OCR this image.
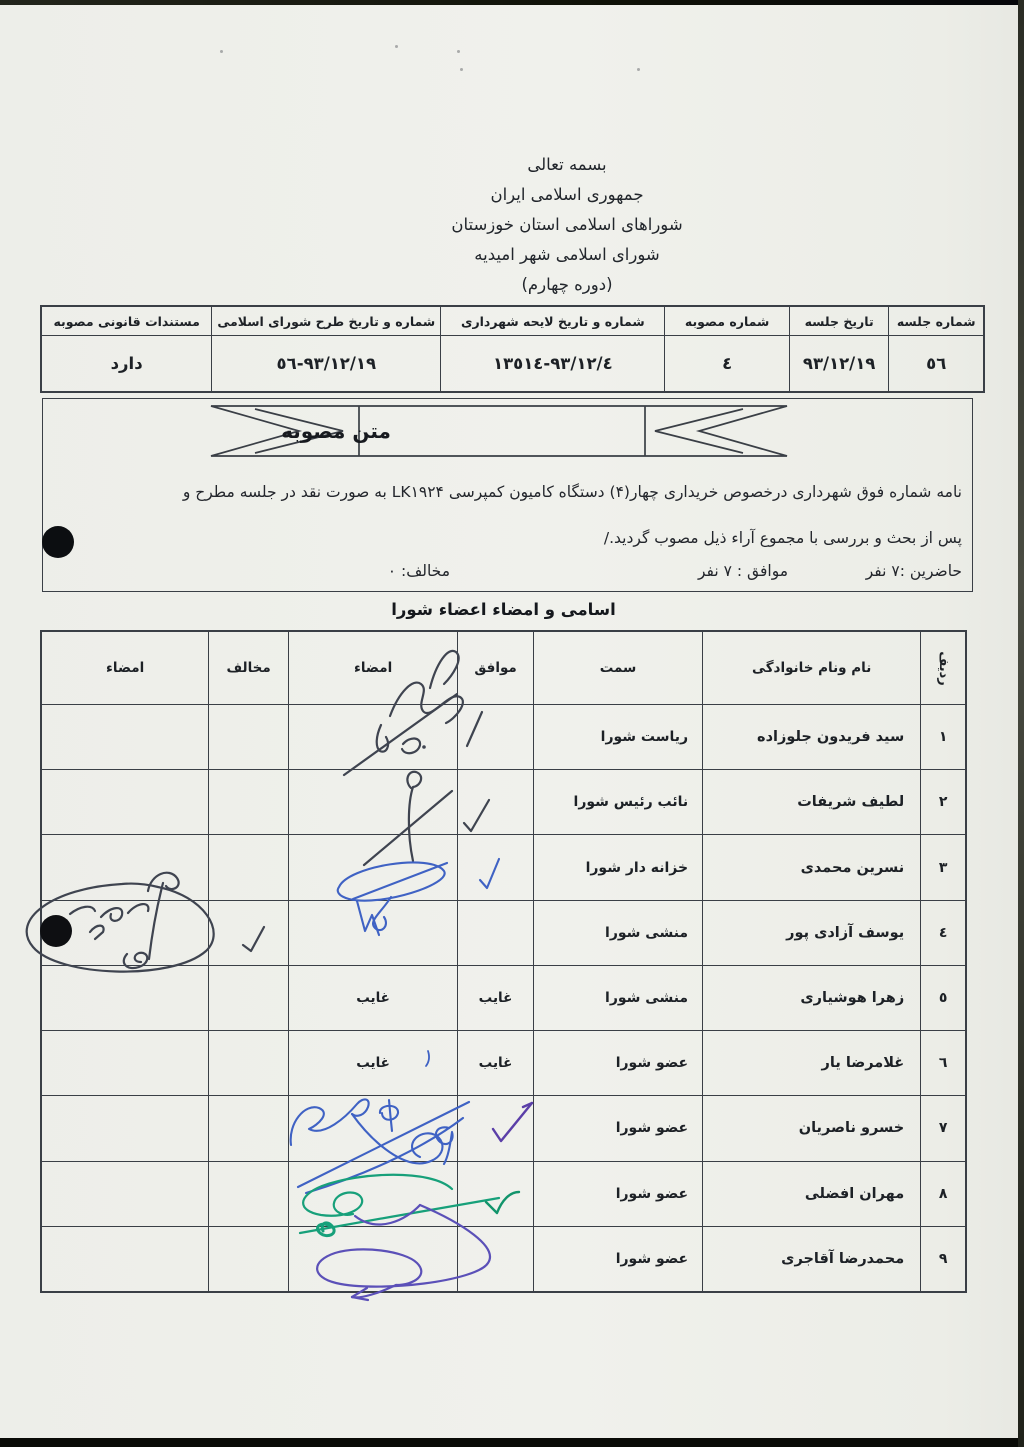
بسمه تعالی
جمهوری اسلامی ایران
شوراهای اسلامی استان خوزستان
شورای اسلامی شهر امیدیه
(دوره چهارم)
شماره جلسه
٥٦
تاریخ جلسه
٩٣/١٢/١٩
شماره مصوبه
٤
شماره و تاریخ لایحه شهرداری
٩٣/١٢/٤-١٣٥١٤
شماره و تاریخ طرح شورای اسلامی
٩٣/١٢/١٩-٥٦
مستندات قانونی مصوبه
دارد
متن مصوبه
نامه شماره فوق شهرداری درخصوص خریداری چهار(۴) دستگاه کامیون کمپرسی LK۱۹۲۴ به صورت نقد در جلسه مطرح و
پس از بحث و بررسی با مجموع آراء ذیل مصوب گردید./
حاضرین :۷ نفر
موافق : ۷ نفر
مخالف: ۰
اسامی و امضاء اعضاء شورا
ردیف
نام ونام خانوادگی
سمت
موافق
امضاء
مخالف
امضاء
١
سید فریدون جلوزاده
ریاست شورا
٢
لطیف شریفات
نائب رئیس شورا
٣
نسرین محمدی
خزانه دار شورا
٤
یوسف آزادی پور
منشی شورا
٥
زهرا هوشیاری
منشی شورا
غایب
غایب
٦
غلامرضا یار
عضو شورا
غایب
غایب
٧
خسرو ناصریان
عضو شورا
٨
مهران افضلی
عضو شورا
٩
محمدرضا آقاجری
عضو شورا
